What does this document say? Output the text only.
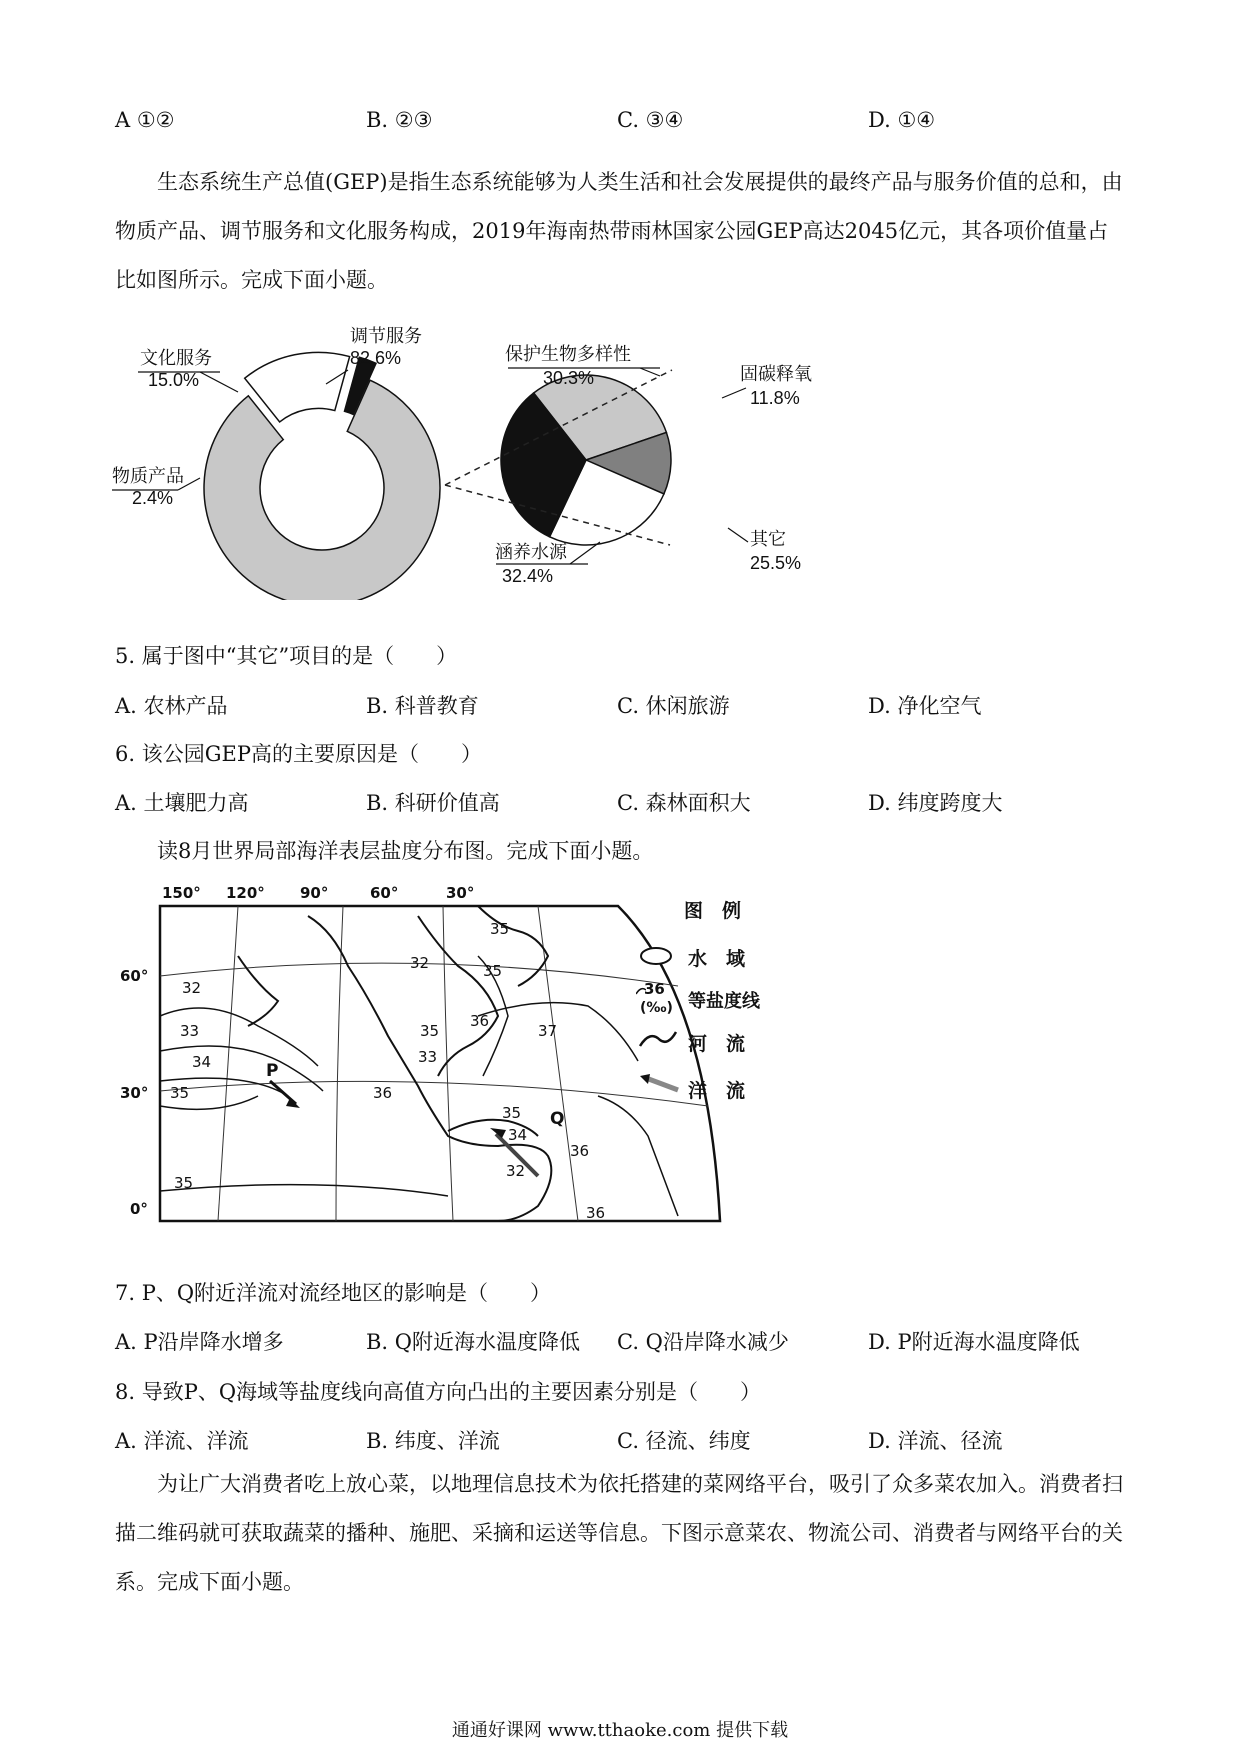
A ①②	B. ②③	C. ③④	D. ①④

生态系统生产总值(GEP)是指生态系统能够为人类生活和社会发展提供的最终产品与服务价值的总和，由物质产品、调节服务和文化服务构成，2019年海南热带雨林国家公园GEP高达2045亿元，其各项价值量占比如图所示。完成下面小题。

调节服务
82.6%
文化服务
15.0%
物质产品
2.4%
保护生物多样性
30.3%	固碳释氧
11.8%
其它
25.5%
涵养水源
32.4%
5. 属于图中“其它”项目的是（　　）
A. 农林产品	B. 科普教育	C. 休闲旅游	D. 净化空气
6. 该公园GEP高的主要原因是（　　）
A. 土壤肥力高	B. 科研价值高	C. 森林面积大	D. 纬度跨度大
读8月世界局部海洋表层盐度分布图。完成下面小题。
150° 120° 90°	60°	30°
60°
30°
0°
35
32	35
32
33
34
35
35
33
36
37
36
35
34
36
32
36
35
P
Q
图　例
水　域
36
(‰) 等盐度线
河　流
洋　流
7. P、Q附近洋流对流经地区的影响是（　　）
A. P沿岸降水增多	B. Q附近海水温度降低 C. Q沿岸降水减少	D. P附近海水温度降低
8. 导致P、Q海域等盐度线向高值方向凸出的主要因素分别是（　　）
A. 洋流、洋流	B. 纬度、洋流	C. 径流、纬度	D. 洋流、径流

为让广大消费者吃上放心菜，以地理信息技术为依托搭建的菜网络平台，吸引了众多菜农加入。消费者扫描二维码就可获取蔬菜的播种、施肥、采摘和运送等信息。下图示意菜农、物流公司、消费者与网络平台的关系。完成下面小题。

通通好课网 www.tthaoke.com 提供下载
